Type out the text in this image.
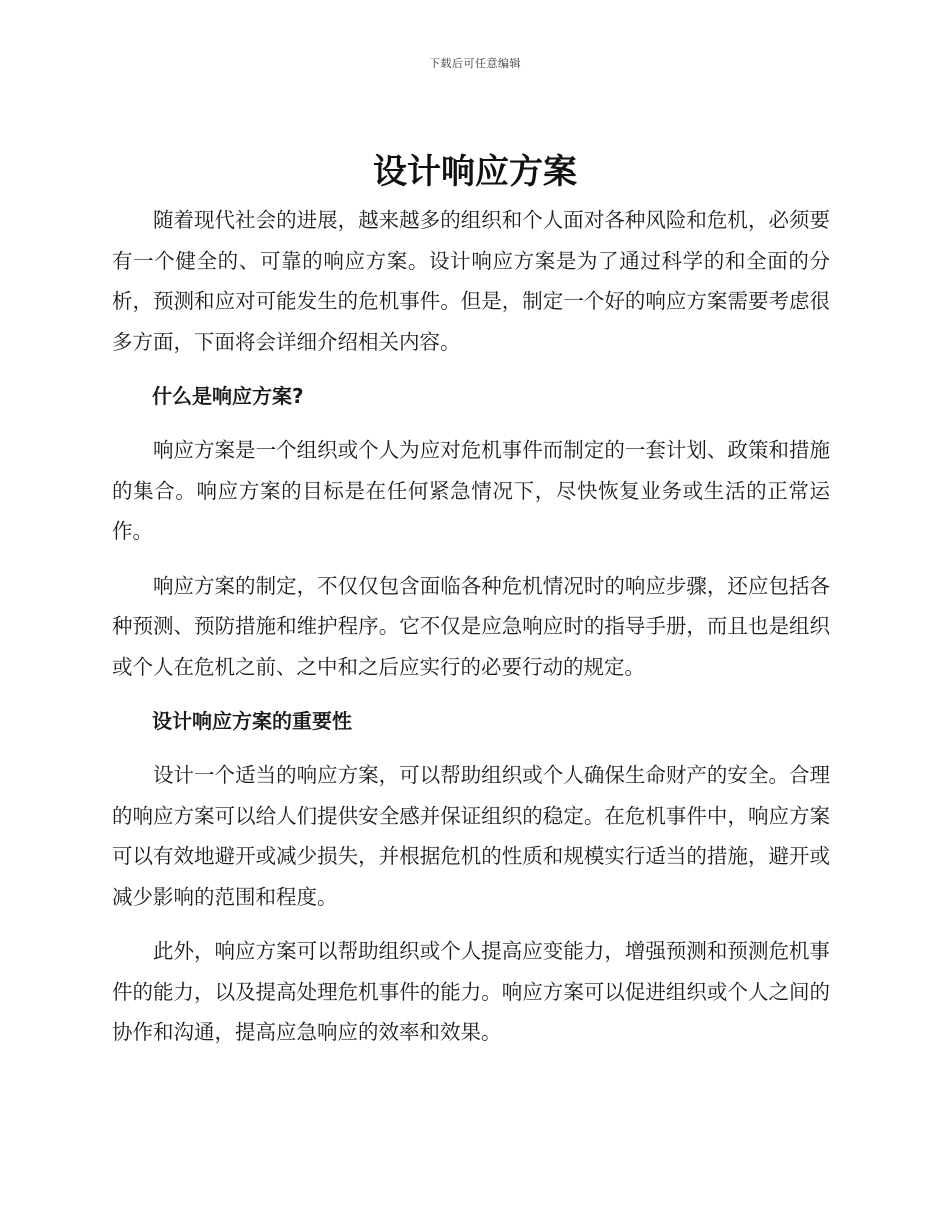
下载后可任意编辑
设计响应方案

随着现代社会的进展，越来越多的组织和个人面对各种风险和危机，必须要有一个健全的、可靠的响应方案。设计响应方案是为了通过科学的和全面的分析，预测和应对可能发生的危机事件。但是，制定一个好的响应方案需要考虑很多方面，下面将会详细介绍相关内容。

什么是响应方案?

响应方案是一个组织或个人为应对危机事件而制定的一套计划、政策和措施的集合。响应方案的目标是在任何紧急情况下，尽快恢复业务或生活的正常运作。

响应方案的制定，不仅仅包含面临各种危机情况时的响应步骤，还应包括各种预测、预防措施和维护程序。它不仅是应急响应时的指导手册，而且也是组织或个人在危机之前、之中和之后应实行的必要行动的规定。

设计响应方案的重要性

设计一个适当的响应方案，可以帮助组织或个人确保生命财产的安全。合理的响应方案可以给人们提供安全感并保证组织的稳定。在危机事件中，响应方案可以有效地避开或减少损失，并根据危机的性质和规模实行适当的措施，避开或减少影响的范围和程度。

此外，响应方案可以帮助组织或个人提高应变能力，增强预测和预测危机事件的能力，以及提高处理危机事件的能力。响应方案可以促进组织或个人之间的协作和沟通，提高应急响应的效率和效果。
